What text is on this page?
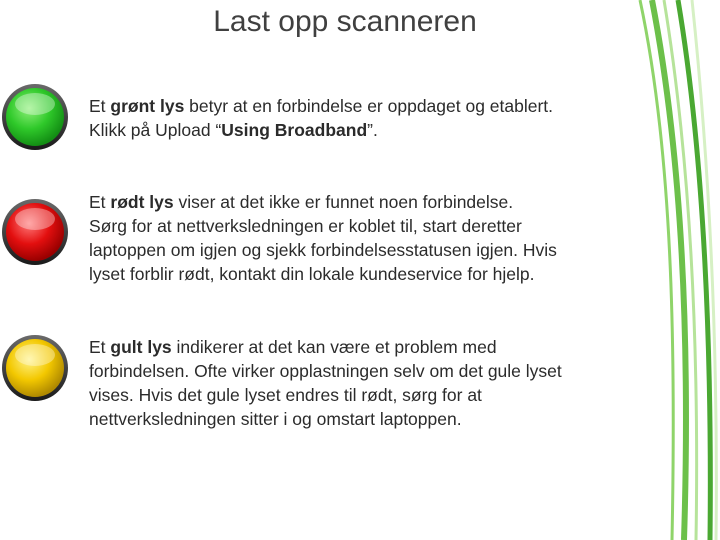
Last opp scanneren

Et grønt lys betyr at en forbindelse er oppdaget og etablert.
Klikk på Upload “Using Broadband”.

Et rødt lys viser at det ikke er funnet noen forbindelse.
Sørg for at nettverksledningen er koblet til, start deretter
laptoppen om igjen og sjekk forbindelsesstatusen igjen. Hvis
lyset forblir rødt, kontakt din lokale kundeservice for hjelp.

Et gult lys indikerer at det kan være et problem med
forbindelsen. Ofte virker opplastningen selv om det gule lyset
vises. Hvis det gule lyset endres til rødt, sørg for at
nettverksledningen sitter i og omstart laptoppen.
